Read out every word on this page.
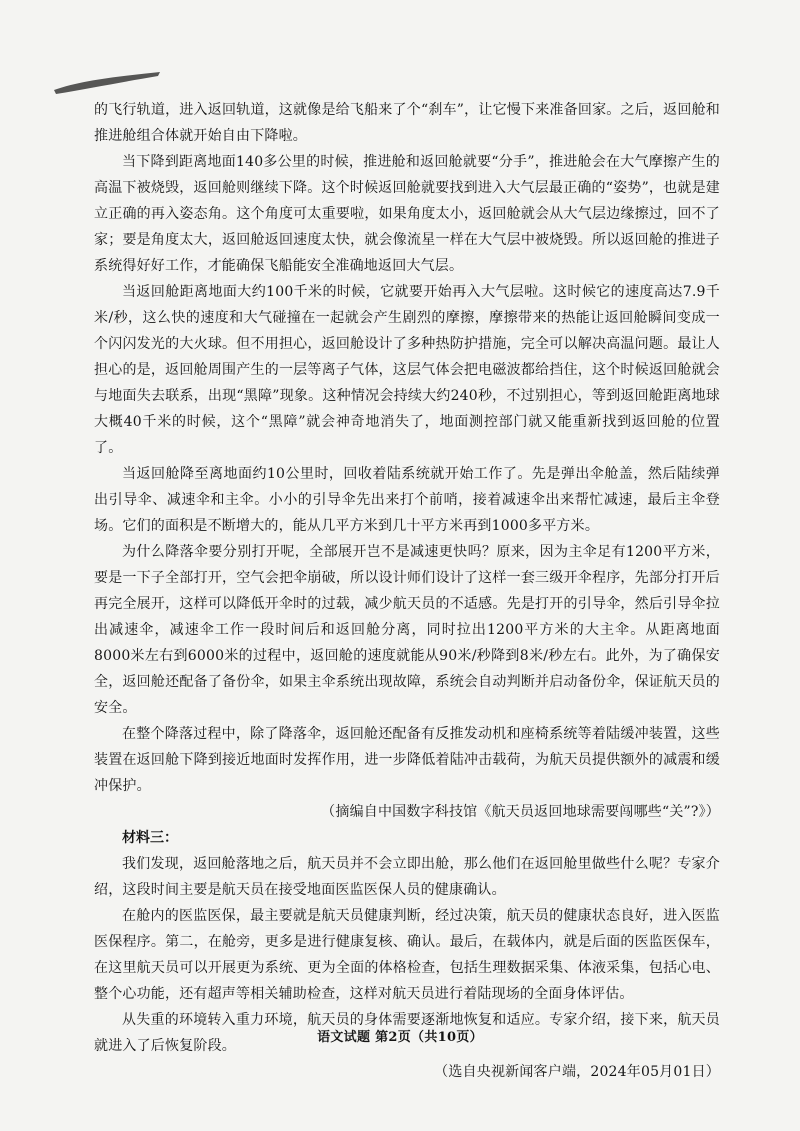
的飞行轨道，进入返回轨道，这就像是给飞船来了个“刹车”，让它慢下来准备回家。之后，返回舱和推进舱组合体就开始自由下降啦。

当下降到距离地面140多公里的时候，推进舱和返回舱就要“分手”，推进舱会在大气摩擦产生的高温下被烧毁，返回舱则继续下降。这个时候返回舱就要找到进入大气层最正确的“姿势”，也就是建立正确的再入姿态角。这个角度可太重要啦，如果角度太小，返回舱就会从大气层边缘擦过，回不了家；要是角度太大，返回舱返回速度太快，就会像流星一样在大气层中被烧毁。所以返回舱的推进子系统得好好工作，才能确保飞船能安全准确地返回大气层。

当返回舱距离地面大约100千米的时候，它就要开始再入大气层啦。这时候它的速度高达7.9千米/秒，这么快的速度和大气碰撞在一起就会产生剧烈的摩擦，摩擦带来的热能让返回舱瞬间变成一个闪闪发光的大火球。但不用担心，返回舱设计了多种热防护措施，完全可以解决高温问题。最让人担心的是，返回舱周围产生的一层等离子气体，这层气体会把电磁波都给挡住，这个时候返回舱就会与地面失去联系，出现“黑障”现象。这种情况会持续大约240秒，不过别担心，等到返回舱距离地球大概40千米的时候，这个“黑障”就会神奇地消失了，地面测控部门就又能重新找到返回舱的位置了。

当返回舱降至离地面约10公里时，回收着陆系统就开始工作了。先是弹出伞舱盖，然后陆续弹出引导伞、减速伞和主伞。小小的引导伞先出来打个前哨，接着减速伞出来帮忙减速，最后主伞登场。它们的面积是不断增大的，能从几平方米到几十平方米再到1000多平方米。

为什么降落伞要分别打开呢，全部展开岂不是减速更快吗？原来，因为主伞足有1200平方米，要是一下子全部打开，空气会把伞崩破，所以设计师们设计了这样一套三级开伞程序，先部分打开后再完全展开，这样可以降低开伞时的过载，减少航天员的不适感。先是打开的引导伞，然后引导伞拉出减速伞，减速伞工作一段时间后和返回舱分离，同时拉出1200平方米的大主伞。从距离地面8000米左右到6000米的过程中，返回舱的速度就能从90米/秒降到8米/秒左右。此外，为了确保安全，返回舱还配备了备份伞，如果主伞系统出现故障，系统会自动判断并启动备份伞，保证航天员的安全。

在整个降落过程中，除了降落伞，返回舱还配备有反推发动机和座椅系统等着陆缓冲装置，这些装置在返回舱下降到接近地面时发挥作用，进一步降低着陆冲击载荷，为航天员提供额外的减震和缓冲保护。

（摘编自中国数字科技馆《航天员返回地球需要闯哪些“关”?》）

材料三：

我们发现，返回舱落地之后，航天员并不会立即出舱，那么他们在返回舱里做些什么呢？专家介绍，这段时间主要是航天员在接受地面医监医保人员的健康确认。

在舱内的医监医保，最主要就是航天员健康判断，经过决策，航天员的健康状态良好，进入医监医保程序。第二，在舱旁，更多是进行健康复核、确认。最后，在载体内，就是后面的医监医保车，在这里航天员可以开展更为系统、更为全面的体格检查，包括生理数据采集、体液采集，包括心电、整个心功能，还有超声等相关辅助检查，这样对航天员进行着陆现场的全面身体评估。

从失重的环境转入重力环境，航天员的身体需要逐渐地恢复和适应。专家介绍，接下来，航天员就进入了后恢复阶段。

（选自央视新闻客户端，2024年05月01日）

语文试题 第2页（共10页）
